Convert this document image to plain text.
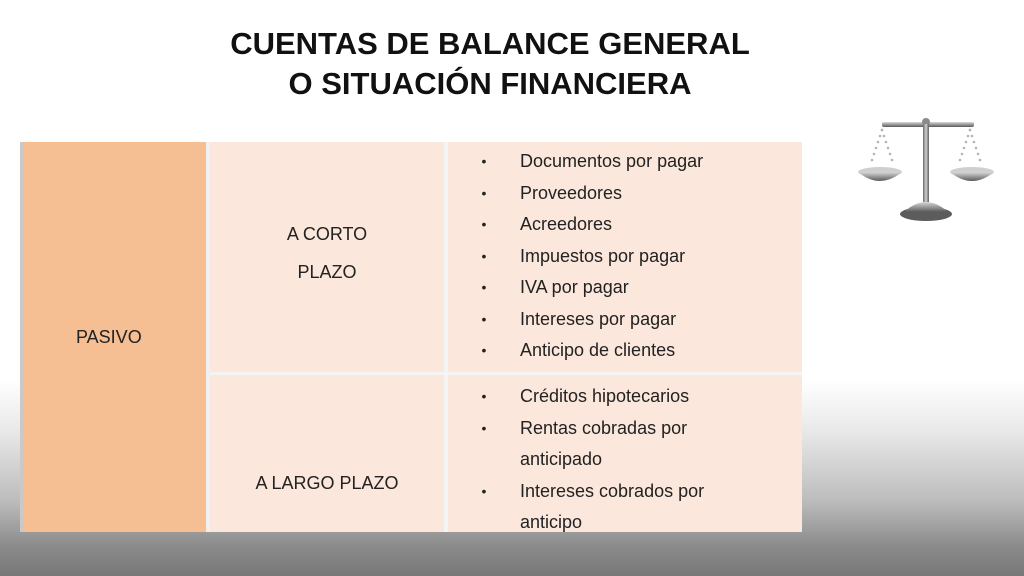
CUENTAS DE BALANCE GENERAL
O SITUACIÓN FINANCIERA
PASIVO
A CORTO
PLAZO
• Documentos por pagar
• Proveedores
• Acreedores
• Impuestos por pagar
• IVA por pagar
• Intereses por pagar
• Anticipo de clientes
A LARGO PLAZO
• Créditos hipotecarios
• Rentas cobradas por anticipado
• Intereses cobrados por anticipo
